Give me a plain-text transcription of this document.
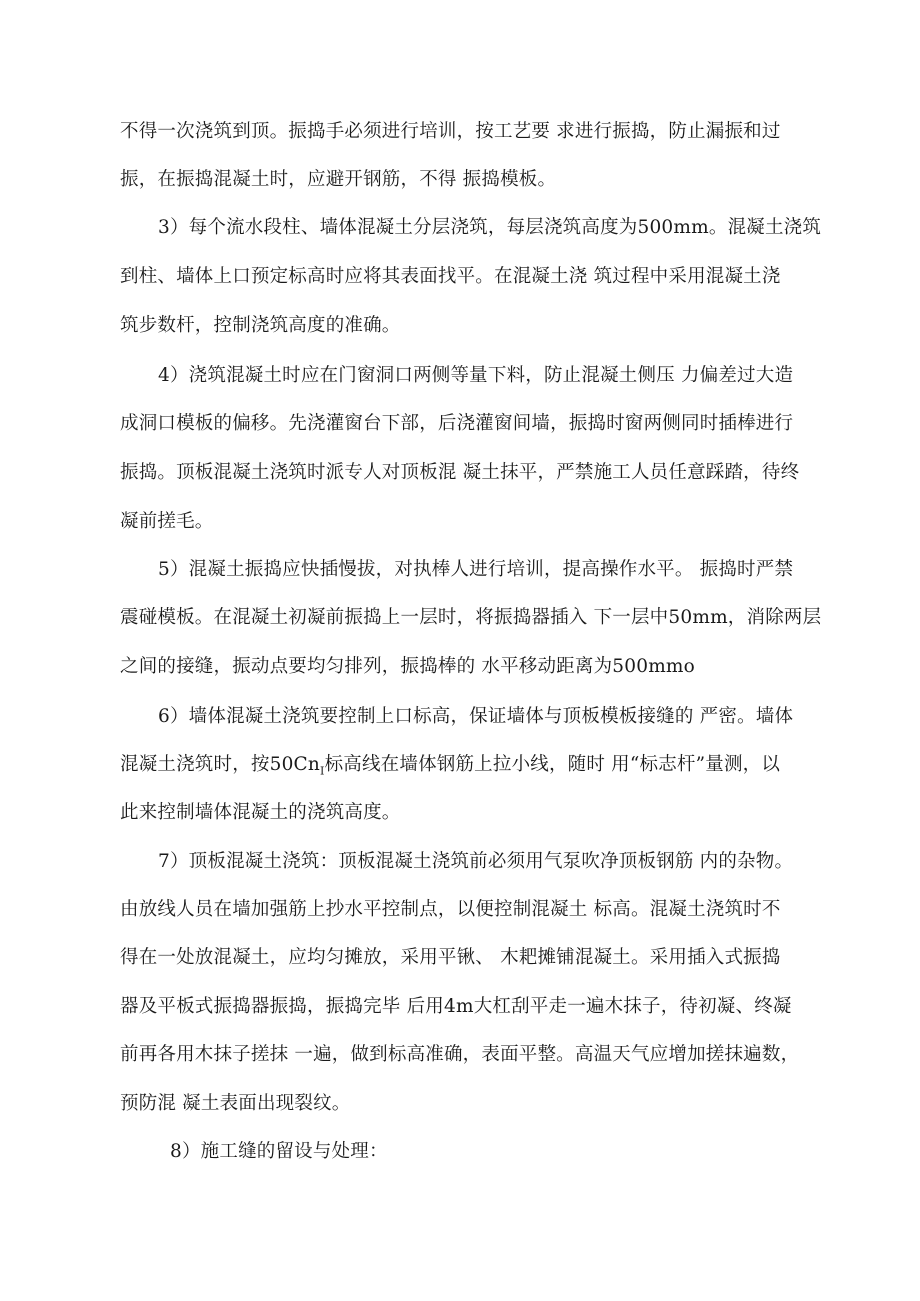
不得一次浇筑到顶。振捣手必须进行培训，按工艺要 求进行振捣，防止漏振和过
振，在振捣混凝土时，应避开钢筋，不得 振捣模板。
3）每个流水段柱、墙体混凝土分层浇筑，每层浇筑高度为500mm。混凝土浇筑
到柱、墙体上口预定标高时应将其表面找平。在混凝土浇 筑过程中采用混凝土浇
筑步数杆，控制浇筑高度的准确。
4）浇筑混凝土时应在门窗洞口两侧等量下料，防止混凝土侧压 力偏差过大造
成洞口模板的偏移。先浇灌窗台下部，后浇灌窗间墙，振捣时窗两侧同时插棒进行
振捣。顶板混凝土浇筑时派专人对顶板混 凝土抹平，严禁施工人员任意踩踏，待终
凝前搓毛。
5）混凝土振捣应快插慢拔，对执棒人进行培训，提高操作水平。 振捣时严禁
震碰模板。在混凝土初凝前振捣上一层时，将振捣器插入 下一层中50mm，消除两层
之间的接缝，振动点要均匀排列，振捣棒的 水平移动距离为500mmo
6）墙体混凝土浇筑要控制上口标高，保证墙体与顶板模板接缝的 严密。墙体
混凝土浇筑时，按$50Cn_I$标高线在墙体钢筋上拉小线，随时 用“标志杆”量测，以
此来控制墙体混凝土的浇筑高度。
7）顶板混凝土浇筑：顶板混凝土浇筑前必须用气泵吹净顶板钢筋 内的杂物。
由放线人员在墙加强筋上抄水平控制点，以便控制混凝土 标高。混凝土浇筑时不
得在一处放混凝土，应均匀摊放，采用平锹、 木耙摊铺混凝土。采用插入式振捣
器及平板式振捣器振捣，振捣完毕 后用4m大杠刮平走一遍木抹子，待初凝、终凝
前再各用木抹子搓抹 一遍，做到标高准确，表面平整。高温天气应增加搓抹遍数，
预防混 凝土表面出现裂纹。
8）施工缝的留设与处理：
